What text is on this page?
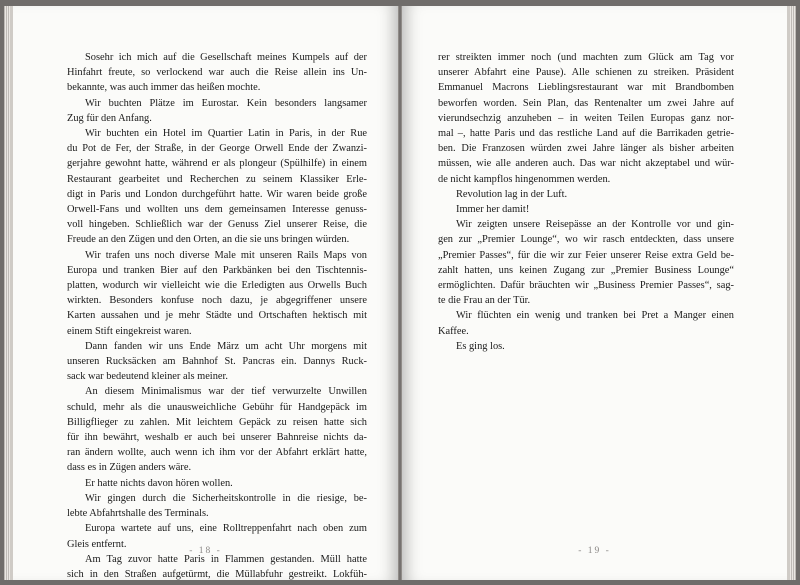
Sosehr ich mich auf die Gesellschaft meines Kumpels auf der

Hinfahrt freute, so verlockend war auch die Reise allein ins Un-

bekannte, was auch immer das heißen mochte.

Wir buchten Plätze im Eurostar. Kein besonders langsamer

Zug für den Anfang.

Wir buchten ein Hotel im Quartier Latin in Paris, in der Rue

du Pot de Fer, der Straße, in der George Orwell Ende der Zwanzi-

gerjahre gewohnt hatte, während er als plongeur (Spülhilfe) in einem

Restaurant gearbeitet und Recherchen zu seinem Klassiker Erle-

digt in Paris und London durchgeführt hatte. Wir waren beide große

Orwell-Fans und wollten uns dem gemeinsamen Interesse genuss-

voll hingeben. Schließlich war der Genuss Ziel unserer Reise, die

Freude an den Zügen und den Orten, an die sie uns bringen würden.

Wir trafen uns noch diverse Male mit unseren Rails Maps von

Europa und tranken Bier auf den Parkbänken bei den Tischtennis-

platten, wodurch wir vielleicht wie die Erledigten aus Orwells Buch

wirkten. Besonders konfuse noch dazu, je abgegriffener unsere

Karten aussahen und je mehr Städte und Ortschaften hektisch mit

einem Stift eingekreist waren.

Dann fanden wir uns Ende März um acht Uhr morgens mit

unseren Rucksäcken am Bahnhof St. Pancras ein. Dannys Ruck-

sack war bedeutend kleiner als meiner.

An diesem Minimalismus war der tief verwurzelte Unwillen

schuld, mehr als die unausweichliche Gebühr für Handgepäck im

Billigflieger zu zahlen. Mit leichtem Gepäck zu reisen hatte sich

für ihn bewährt, weshalb er auch bei unserer Bahnreise nichts da-

ran ändern wollte, auch wenn ich ihm vor der Abfahrt erklärt hatte,

dass es in Zügen anders wäre.

Er hatte nichts davon hören wollen.

Wir gingen durch die Sicherheitskontrolle in die riesige, be-

lebte Abfahrtshalle des Terminals.

Europa wartete auf uns, eine Rolltreppenfahrt nach oben zum

Gleis entfernt.

Am Tag zuvor hatte Paris in Flammen gestanden. Müll hatte

sich in den Straßen aufgetürmt, die Müllabfuhr gestreikt. Lokfüh-

- 18 -

rer streikten immer noch (und machten zum Glück am Tag vor

unserer Abfahrt eine Pause). Alle schienen zu streiken. Präsident

Emmanuel Macrons Lieblingsrestaurant war mit Brandbomben

beworfen worden. Sein Plan, das Rentenalter um zwei Jahre auf

vierundsechzig anzuheben – in weiten Teilen Europas ganz nor-

mal –, hatte Paris und das restliche Land auf die Barrikaden getrie-

ben. Die Franzosen würden zwei Jahre länger als bisher arbeiten

müssen, wie alle anderen auch. Das war nicht akzeptabel und wür-

de nicht kampflos hingenommen werden.

Revolution lag in der Luft.

Immer her damit!

Wir zeigten unsere Reisepässe an der Kontrolle vor und gin-

gen zur „Premier Lounge“, wo wir rasch entdeckten, dass unsere

„Premier Passes“, für die wir zur Feier unserer Reise extra Geld be-

zahlt hatten, uns keinen Zugang zur „Premier Business Lounge“

ermöglichten. Dafür bräuchten wir „Business Premier Passes“, sag-

te die Frau an der Tür.

Wir flüchten ein wenig und tranken bei Pret a Manger einen

Kaffee.

Es ging los.

- 19 -
